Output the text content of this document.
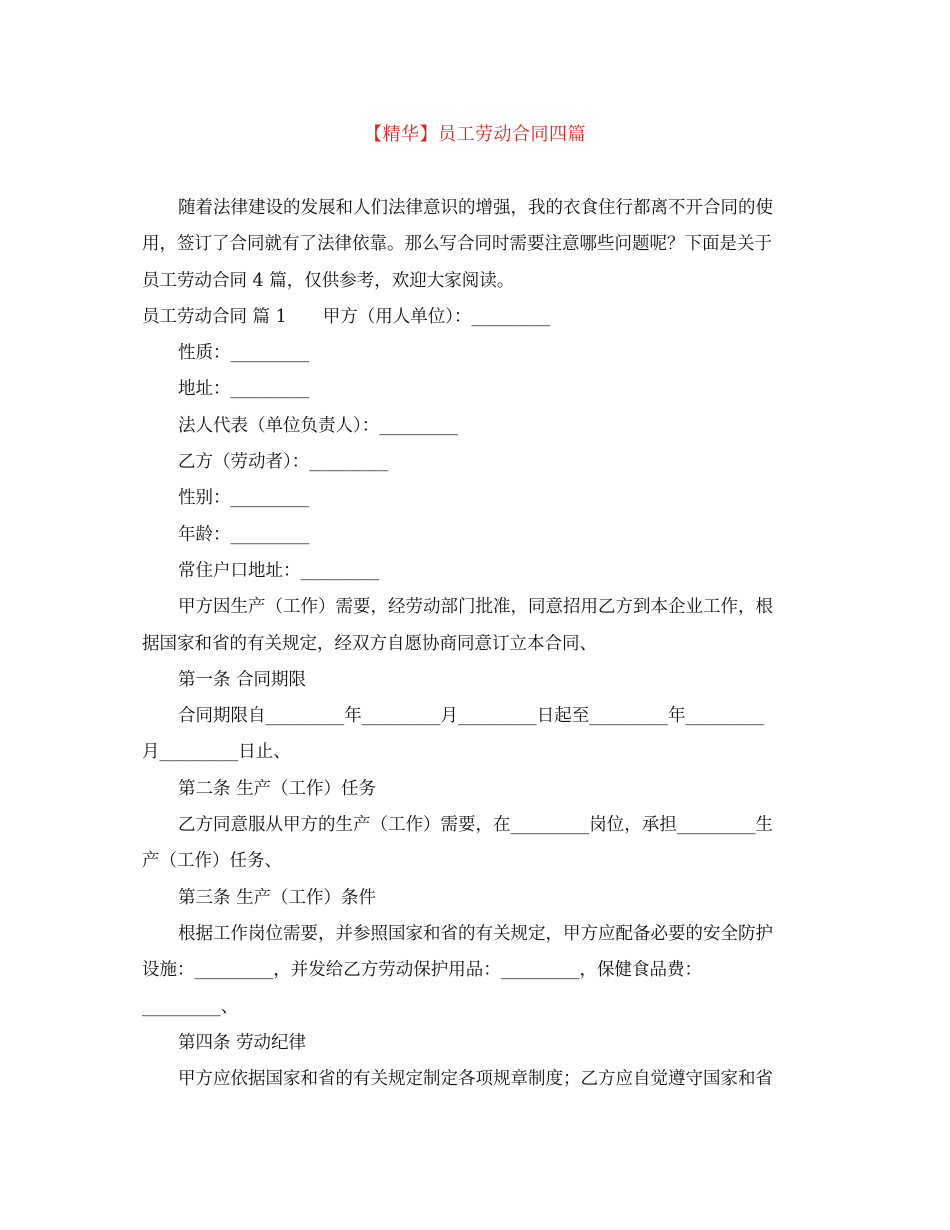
【精华】员工劳动合同四篇

随着法律建设的发展和人们法律意识的增强，我的衣食住行都离不开合同的使

用，签订了合同就有了法律依靠。那么写合同时需要注意哪些问题呢？下面是关于

员工劳动合同 4 篇，仅供参考，欢迎大家阅读。

员工劳动合同 篇 1 甲方（用人单位）：_________

性质：_________

地址：_________

法人代表（单位负责人）：_________

乙方（劳动者）：_________

性别：_________

年龄：_________

常住户口地址：_________

甲方因生产（工作）需要，经劳动部门批准，同意招用乙方到本企业工作，根

据国家和省的有关规定，经双方自愿协商同意订立本合同、

第一条 合同期限

合同期限自_________年_________月_________日起至_________年_________

月_________日止、

第二条 生产（工作）任务

乙方同意服从甲方的生产（工作）需要，在_________岗位，承担_________生

产（工作）任务、

第三条 生产（工作）条件

根据工作岗位需要，并参照国家和省的有关规定，甲方应配备必要的安全防护

设施：_________，并发给乙方劳动保护用品：_________，保健食品费：

_________、

第四条 劳动纪律

甲方应依据国家和省的有关规定制定各项规章制度；乙方应自觉遵守国家和省
